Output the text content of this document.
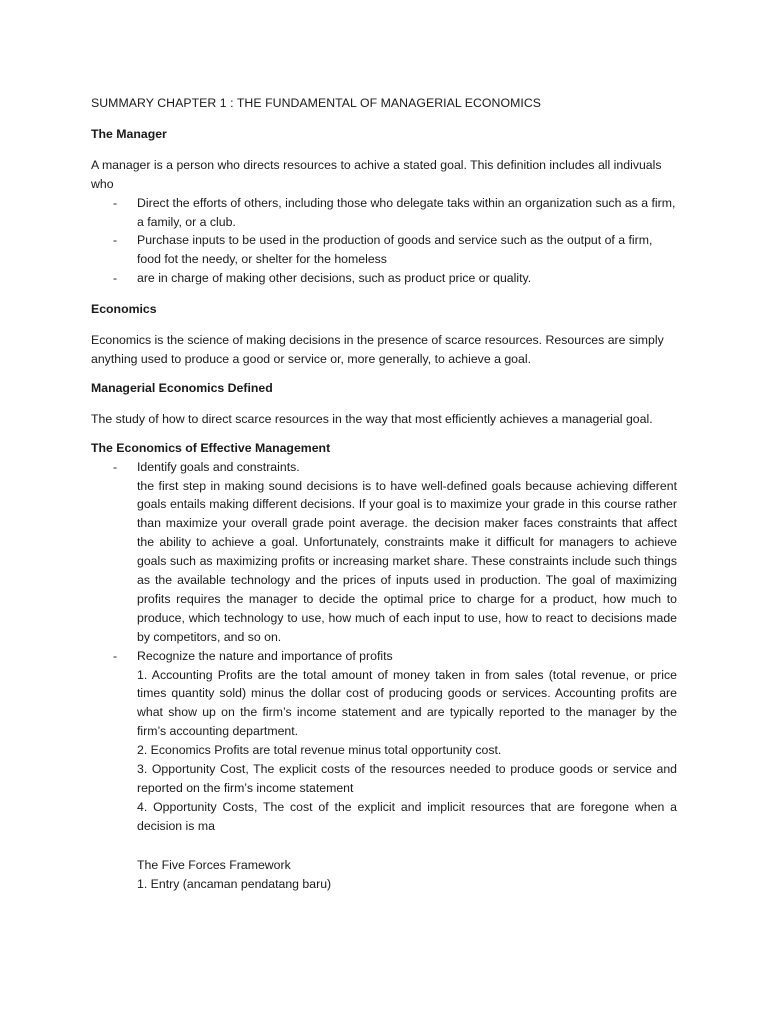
SUMMARY CHAPTER 1 : THE FUNDAMENTAL OF MANAGERIAL ECONOMICS
The Manager

A manager is a person who directs resources to achive a stated goal. This definition includes all indivuals who

- Direct the efforts of others, including those who delegate taks within an organization such as a firm, a family, or a club.
- Purchase inputs to be used in the production of goods and service such as the output of a firm, food fot the needy, or shelter for the homeless
- are in charge of making other decisions, such as product price or quality.
Economics

Economics is the science of making decisions in the presence of scarce resources. Resources are simply anything used to produce a good or service or, more generally, to achieve a goal.

Managerial Economics Defined

The study of how to direct scarce resources in the way that most efficiently achieves a managerial goal.

The Economics of Effective Management
- Identify goals and constraints.
the first step in making sound decisions is to have well-defined goals because achieving different goals entails making different decisions. If your goal is to maximize your grade in this course rather than maximize your overall grade point average. the decision maker faces constraints that affect the ability to achieve a goal. Unfortunately, constraints make it difficult for managers to achieve goals such as maximizing profits or increasing market share. These constraints include such things as the available technology and the prices of inputs used in production. The goal of maximizing profits requires the manager to decide the optimal price to charge for a product, how much to produce, which technology to use, how much of each input to use, how to react to decisions made by competitors, and so on.
- Recognize the nature and importance of profits
1. Accounting Profits are the total amount of money taken in from sales (total revenue, or price times quantity sold) minus the dollar cost of producing goods or services. Accounting profits are what show up on the firm’s income statement and are typically reported to the manager by the firm’s accounting department.
2. Economics Profits are total revenue minus total opportunity cost.
3. Opportunity Cost, The explicit costs of the resources needed to produce goods or service and reported on the firm’s income statement
4. Opportunity Costs, The cost of the explicit and implicit resources that are foregone when a decision is ma
The Five Forces Framework
1. Entry (ancaman pendatang baru)
